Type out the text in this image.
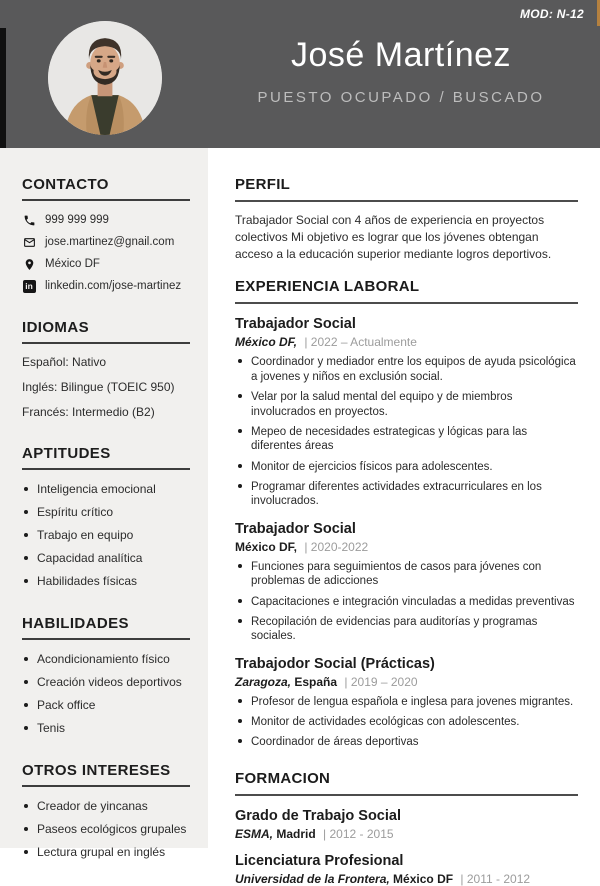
MOD: N-12
José Martínez
PUESTO OCUPADO / BUSCADO
CONTACTO
999 999 999
jose.martinez@gnail.com
México DF
in linkedin.com/jose-martinez
IDIOMAS
Español: Nativo
Inglés: Bilingue (TOEIC 950)
Francés: Intermedio (B2)
APTITUDES
Inteligencia emocional
Espíritu crítico
Trabajo en equipo
Capacidad analítica
Habilidades físicas
HABILIDADES
Acondicionamiento físico
Creación videos deportivos
Pack office
Tenis
OTROS INTERESES
Creador de yincanas
Paseos ecológicos grupales
Lectura grupal en inglés
PERFIL

Trabajador Social con 4 años de experiencia en proyectos colectivos Mi objetivo es lograr que los jóvenes obtengan acceso a la educación superior mediante logros deportivos.

EXPERIENCIA LABORAL
Trabajador Social
México DF, | 2022 – Actualmente
Coordinador y mediador entre los equipos de ayuda psicológica a jovenes y niños en exclusión social.
Velar por la salud mental del equipo y de miembros involucrados en proyectos.
Mepeo de necesidades estrategicas y lógicas para las diferentes áreas
Monitor de ejercicios físicos para adolescentes.
Programar diferentes actividades extracurriculares en los involucrados.
Trabajador Social
México DF, | 2020-2022
Funciones para seguimientos de casos para jóvenes con problemas de adicciones
Capacitaciones e integración vinculadas a medidas preventivas
Recopilación de evidencias para auditorías y programas sociales.
Trabajodor Social (Prácticas)
Zaragoza, España | 2019 – 2020
Profesor de lengua española e inglesa para jovenes migrantes.
Monitor de actividades ecológicas con adolescentes.
Coordinador de áreas deportivas
FORMACION
Grado de Trabajo Social
ESMA, Madrid | 2012 - 2015
Licenciatura Profesional
Universidad de la Frontera, México DF | 2011 - 2012
